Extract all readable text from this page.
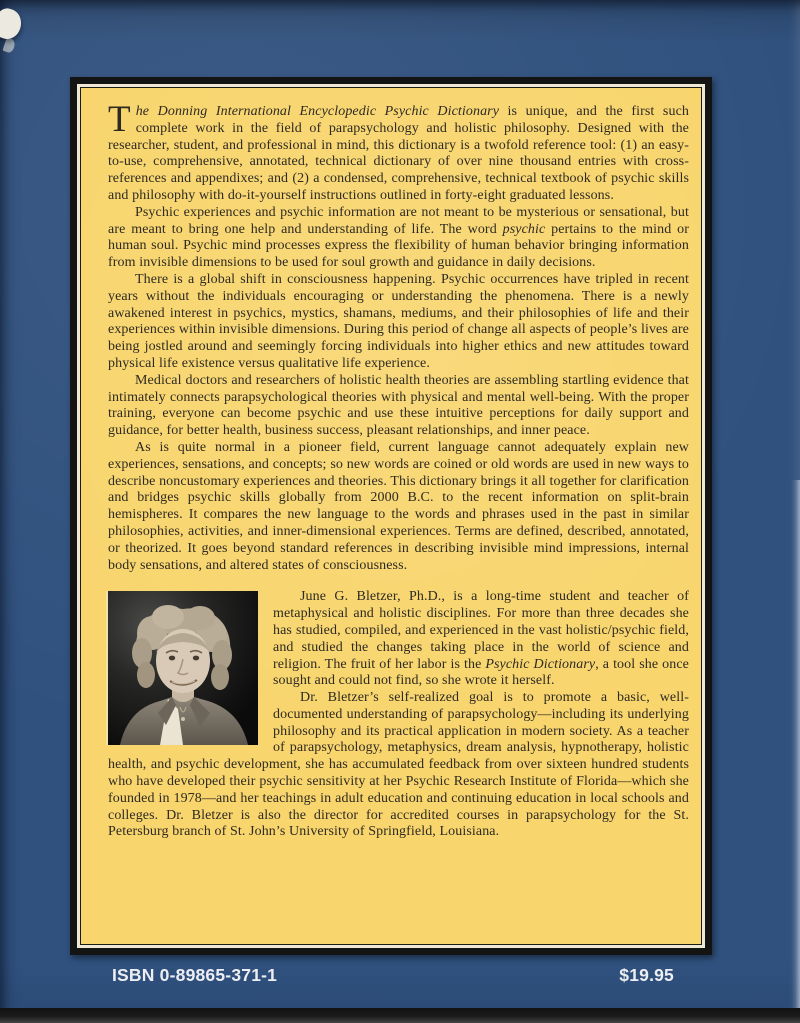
The Donning International Encyclopedic Psychic Dictionary is unique, and the first such complete work in the field of parapsychology and holistic philosophy. Designed with the researcher, student, and professional in mind, this dictionary is a twofold reference tool: (1) an easy-to-use, comprehensive, annotated, technical dictionary of over nine thousand entries with cross-references and appendixes; and (2) a condensed, comprehensive, technical textbook of psychic skills and philosophy with do-it-yourself instructions outlined in forty-eight graduated lessons.

Psychic experiences and psychic information are not meant to be mysterious or sensational, but are meant to bring one help and understanding of life. The word psychic pertains to the mind or human soul. Psychic mind processes express the flexibility of human behavior bringing information from invisible dimensions to be used for soul growth and guidance in daily decisions.

There is a global shift in consciousness happening. Psychic occurrences have tripled in recent years without the individuals encouraging or understanding the phenomena. There is a newly awakened interest in psychics, mystics, shamans, mediums, and their philosophies of life and their experiences within invisible dimensions. During this period of change all aspects of people’s lives are being jostled around and seemingly forcing individuals into higher ethics and new attitudes toward physical life existence versus qualitative life experience.

Medical doctors and researchers of holistic health theories are assembling startling evidence that intimately connects parapsychological theories with physical and mental well-being. With the proper training, everyone can become psychic and use these intuitive perceptions for daily support and guidance, for better health, business success, pleasant relationships, and inner peace.

As is quite normal in a pioneer field, current language cannot adequately explain new experiences, sensations, and concepts; so new words are coined or old words are used in new ways to describe noncustomary experiences and theories. This dictionary brings it all together for clarification and bridges psychic skills globally from 2000 B.C. to the recent information on split-brain hemispheres. It compares the new language to the words and phrases used in the past in similar philosophies, activities, and inner-dimensional experiences. Terms are defined, described, annotated, or theorized. It goes beyond standard references in describing invisible mind impressions, internal body sensations, and altered states of consciousness.

June G. Bletzer, Ph.D., is a long-time student and teacher of metaphysical and holistic disciplines. For more than three decades she has studied, compiled, and experienced in the vast holistic/psychic field, and studied the changes taking place in the world of science and religion. The fruit of her labor is the Psychic Dictionary, a tool she once sought and could not find, so she wrote it herself.

Dr. Bletzer’s self-realized goal is to promote a basic, well-documented understanding of parapsychology—including its underlying philosophy and its practical application in modern society. As a teacher of parapsychology, metaphysics, dream analysis, hypnotherapy, holistic health, and psychic development, she has accumulated feedback from over sixteen hundred students who have developed their psychic sensitivity at her Psychic Research Institute of Florida—which she founded in 1978—and her teachings in adult education and continuing education in local schools and colleges. Dr. Bletzer is also the director for accredited courses in parapsychology for the St. Petersburg branch of St. John’s University of Springfield, Louisiana.

ISBN 0-89865-371-1	$19.95
